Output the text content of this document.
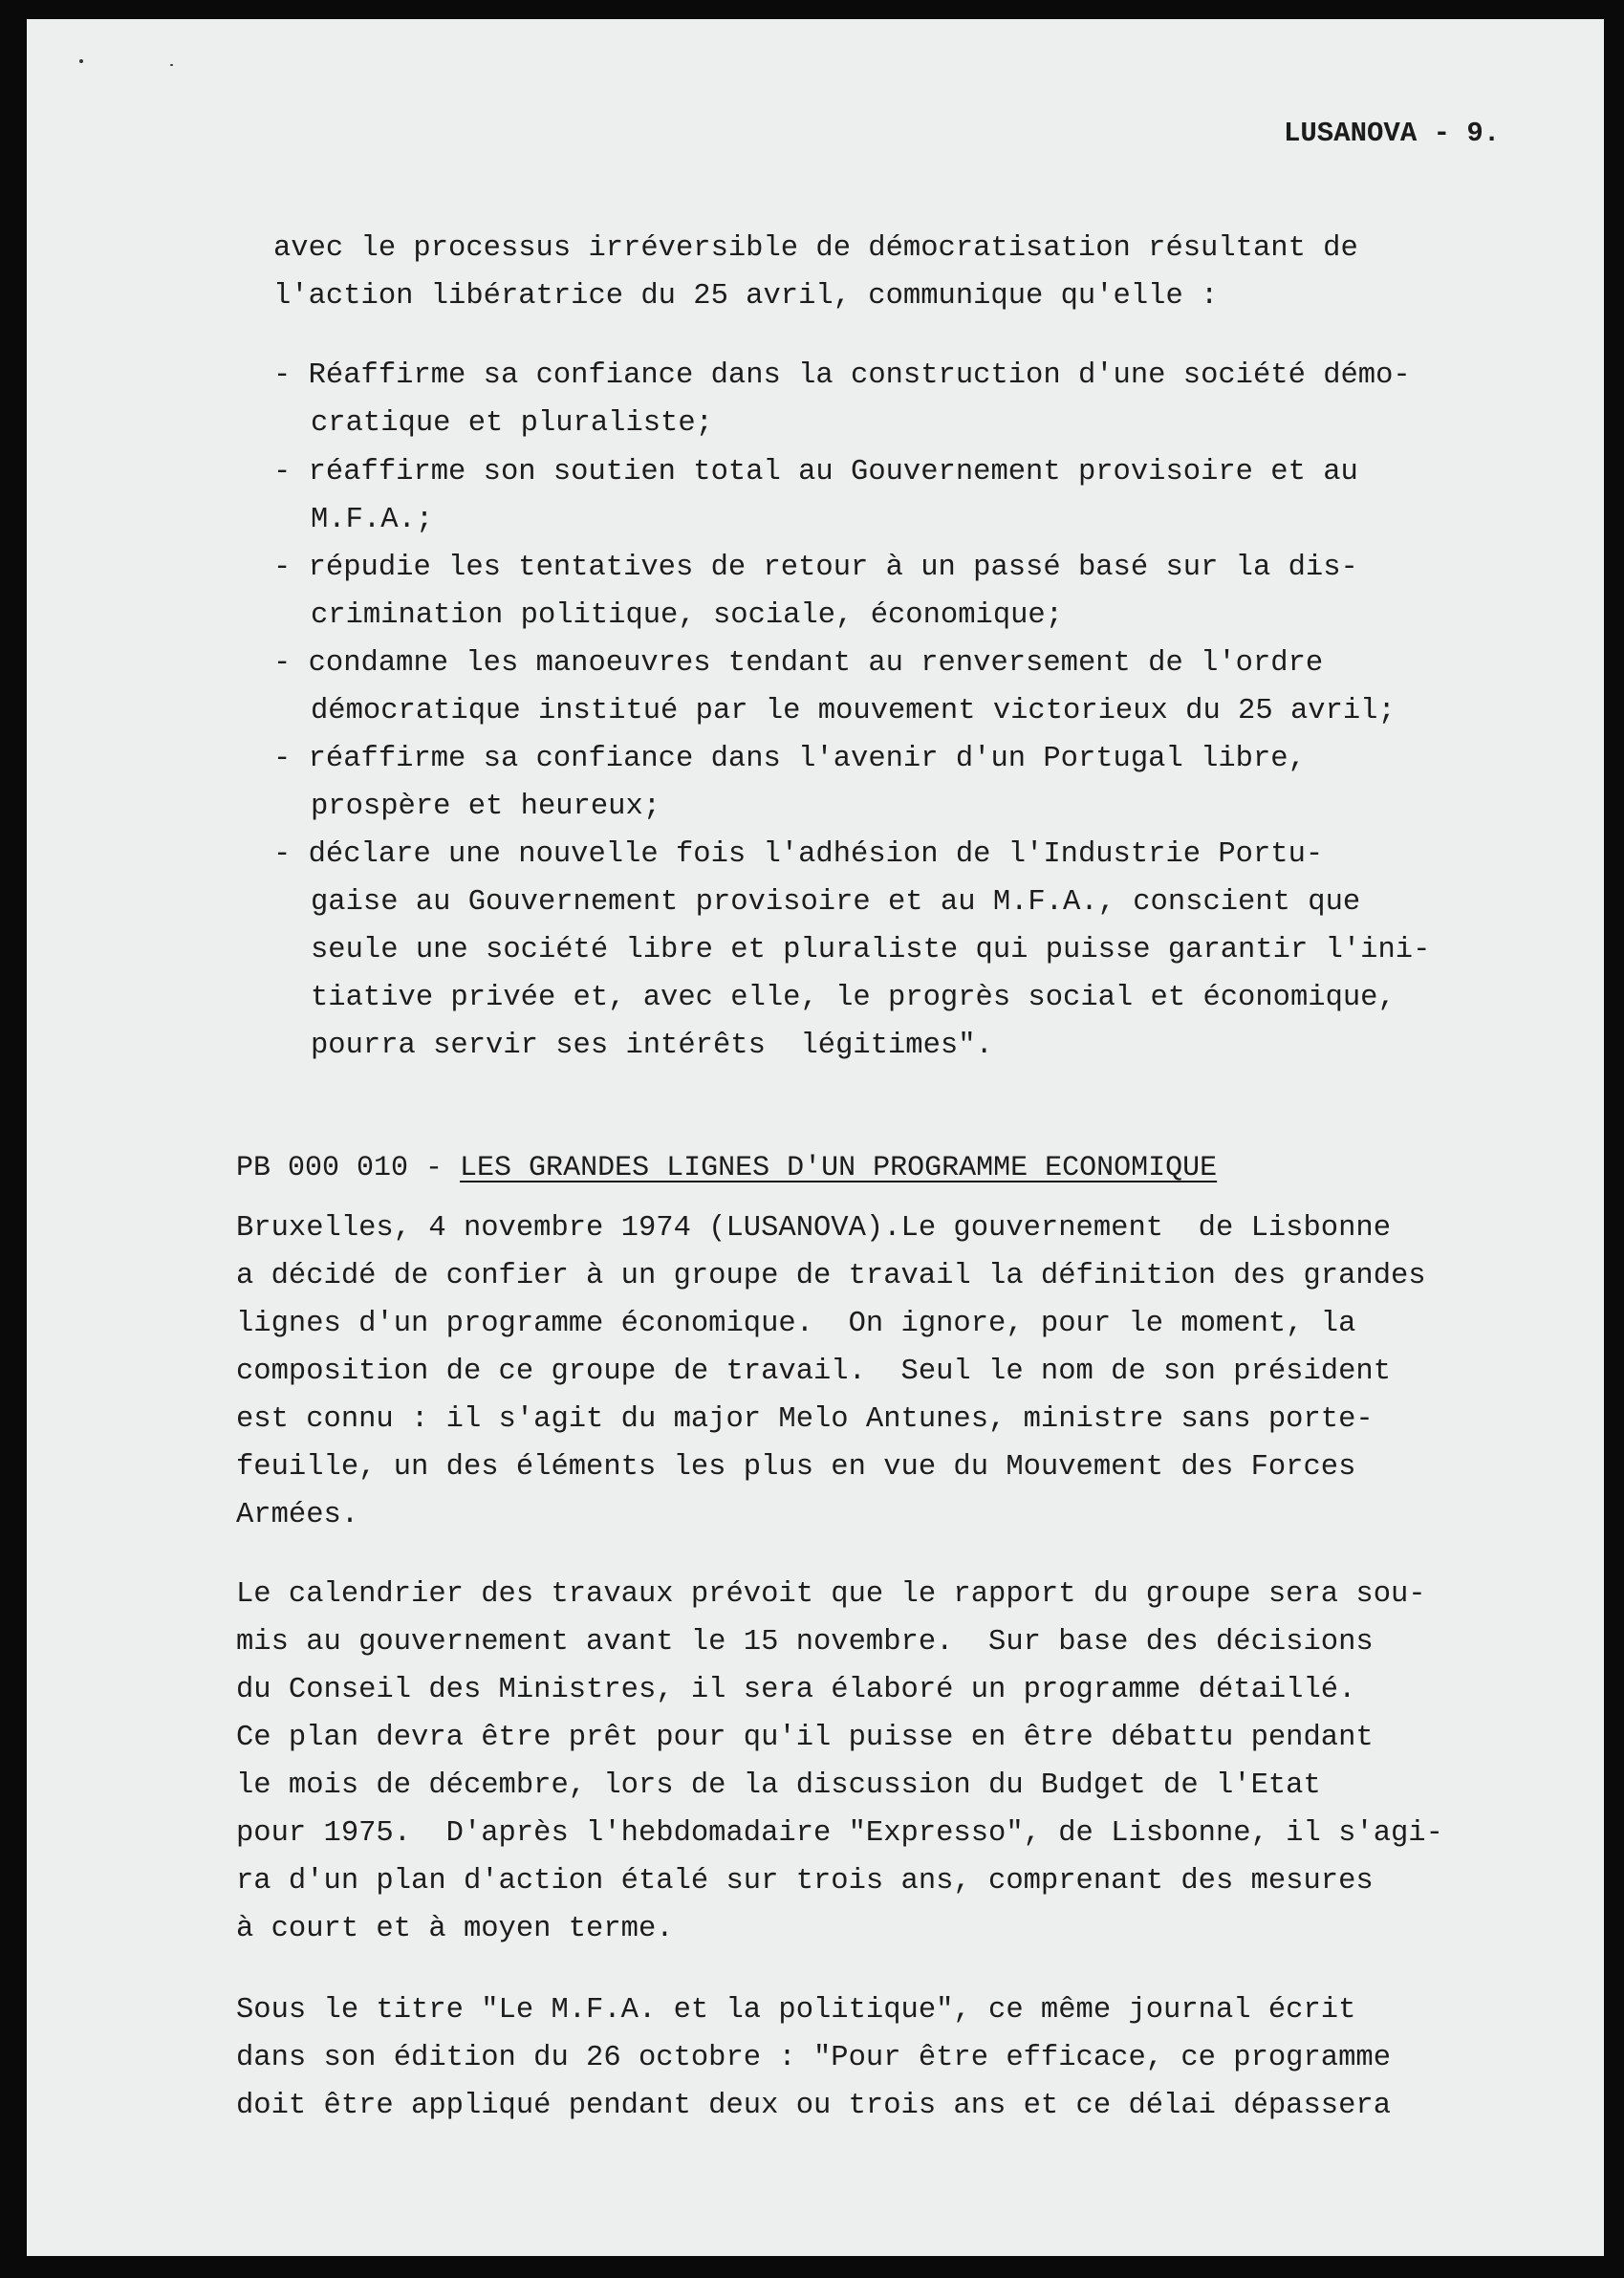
LUSANOVA - 9.
avec le processus irréversible de démocratisation résultant de
l'action libératrice du 25 avril, communique qu'elle :
- Réaffirme sa confiance dans la construction d'une société démo-
cratique et pluraliste;
- réaffirme son soutien total au Gouvernement provisoire et au
M.F.A.;
- répudie les tentatives de retour à un passé basé sur la dis-
crimination politique, sociale, économique;
- condamne les manoeuvres tendant au renversement de l'ordre
démocratique institué par le mouvement victorieux du 25 avril;
- réaffirme sa confiance dans l'avenir d'un Portugal libre,
prospère et heureux;
- déclare une nouvelle fois l'adhésion de l'Industrie Portu-
gaise au Gouvernement provisoire et au M.F.A., conscient que
seule une société libre et pluraliste qui puisse garantir l'ini-
tiative privée et, avec elle, le progrès social et économique,
pourra servir ses intérêts  légitimes".
PB 000 010 - LES GRANDES LIGNES D'UN PROGRAMME ECONOMIQUE
Bruxelles, 4 novembre 1974 (LUSANOVA).Le gouvernement  de Lisbonne
a décidé de confier à un groupe de travail la définition des grandes
lignes d'un programme économique.  On ignore, pour le moment, la
composition de ce groupe de travail.  Seul le nom de son président
est connu : il s'agit du major Melo Antunes, ministre sans porte-
feuille, un des éléments les plus en vue du Mouvement des Forces
Armées.
Le calendrier des travaux prévoit que le rapport du groupe sera sou-
mis au gouvernement avant le 15 novembre.  Sur base des décisions
du Conseil des Ministres, il sera élaboré un programme détaillé.
Ce plan devra être prêt pour qu'il puisse en être débattu pendant
le mois de décembre, lors de la discussion du Budget de l'Etat
pour 1975.  D'après l'hebdomadaire "Expresso", de Lisbonne, il s'agi-
ra d'un plan d'action étalé sur trois ans, comprenant des mesures
à court et à moyen terme.
Sous le titre "Le M.F.A. et la politique", ce même journal écrit
dans son édition du 26 octobre : "Pour être efficace, ce programme
doit être appliqué pendant deux ou trois ans et ce délai dépassera
